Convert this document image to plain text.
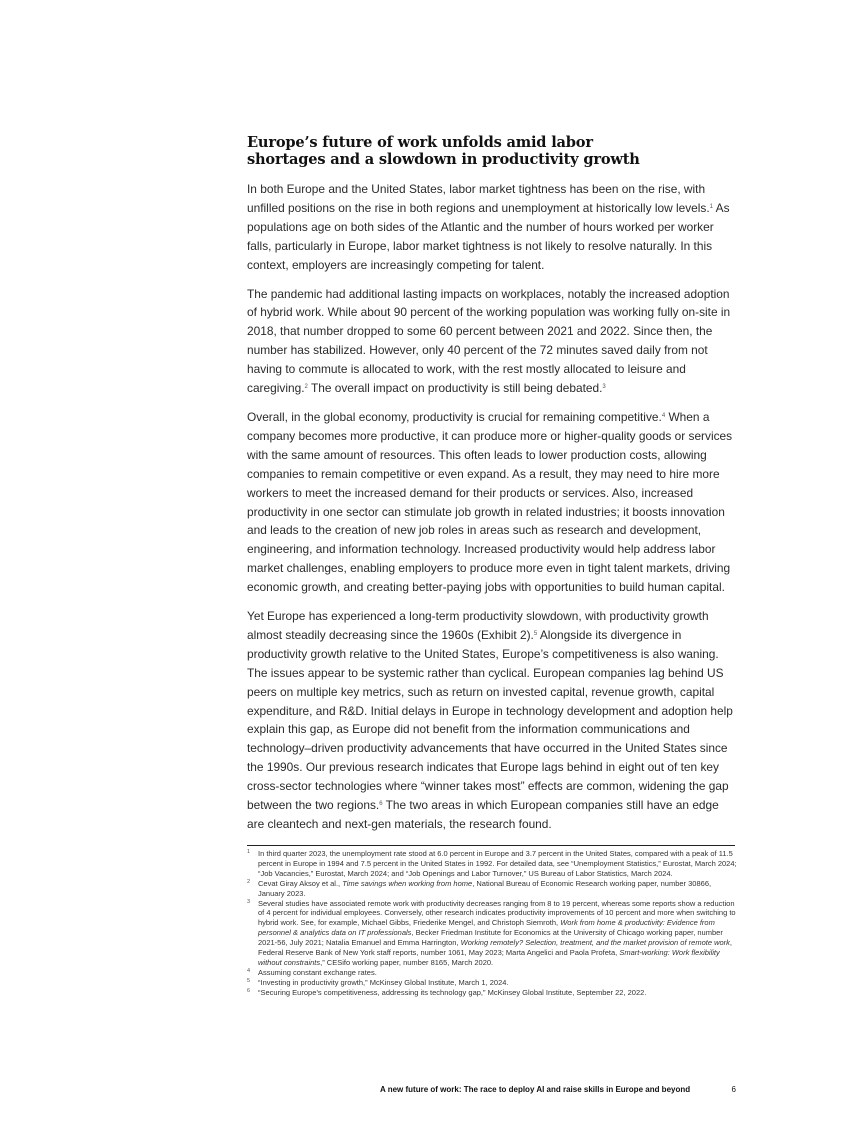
Europe’s future of work unfolds amid labor shortages and a slowdown in productivity growth

In both Europe and the United States, labor market tightness has been on the rise, with unfilled positions on the rise in both regions and unemployment at historically low levels.$^1$ As populations age on both sides of the Atlantic and the number of hours worked per worker falls, particularly in Europe, labor market tightness is not likely to resolve naturally. In this context, employers are increasingly competing for talent.

The pandemic had additional lasting impacts on workplaces, notably the increased adoption of hybrid work. While about 90 percent of the working population was working fully on-site in 2018, that number dropped to some 60 percent between 2021 and 2022. Since then, the number has stabilized. However, only 40 percent of the 72 minutes saved daily from not having to commute is allocated to work, with the rest mostly allocated to leisure and caregiving.$^2$ The overall impact on productivity is still being debated.$^3$

Overall, in the global economy, productivity is crucial for remaining competitive.$^4$ When a company becomes more productive, it can produce more or higher-quality goods or services with the same amount of resources. This often leads to lower production costs, allowing companies to remain competitive or even expand. As a result, they may need to hire more workers to meet the increased demand for their products or services. Also, increased productivity in one sector can stimulate job growth in related industries; it boosts innovation and leads to the creation of new job roles in areas such as research and development, engineering, and information technology. Increased productivity would help address labor market challenges, enabling employers to produce more even in tight talent markets, driving economic growth, and creating better-paying jobs with opportunities to build human capital.

Yet Europe has experienced a long-term productivity slowdown, with productivity growth almost steadily decreasing since the 1960s (Exhibit 2).$^5$ Alongside its divergence in productivity growth relative to the United States, Europe’s competitiveness is also waning. The issues appear to be systemic rather than cyclical. European companies lag behind US peers on multiple key metrics, such as return on invested capital, revenue growth, capital expenditure, and R&D. Initial delays in Europe in technology development and adoption help explain this gap, as Europe did not benefit from the information communications and technology–driven productivity advancements that have occurred in the United States since the 1990s. Our previous research indicates that Europe lags behind in eight out of ten key cross-sector technologies where “winner takes most” effects are common, widening the gap between the two regions.$^6$ The two areas in which European companies still have an edge are cleantech and next-gen materials, the research found.

1 In third quarter 2023, the unemployment rate stood at 6.0 percent in Europe and 3.7 percent in the United States, compared with a peak of 11.5 percent in Europe in 1994 and 7.5 percent in the United States in 1992. For detailed data, see “Unemployment Statistics,” Eurostat, March 2024; “Job Vacancies,” Eurostat, March 2024; and “Job Openings and Labor Turnover,” US Bureau of Labor Statistics, March 2024.
2 Cevat Giray Aksoy et al., Time savings when working from home, National Bureau of Economic Research working paper, number 30866, January 2023.
3 Several studies have associated remote work with productivity decreases ranging from 8 to 19 percent, whereas some reports show a reduction of 4 percent for individual employees. Conversely, other research indicates productivity improvements of 10 percent and more when switching to hybrid work. See, for example, Michael Gibbs, Friederike Mengel, and Christoph Siemroth, Work from home & productivity: Evidence from personnel & analytics data on IT professionals, Becker Friedman Institute for Economics at the University of Chicago working paper, number 2021-56, July 2021; Natalia Emanuel and Emma Harrington, Working remotely? Selection, treatment, and the market provision of remote work, Federal Reserve Bank of New York staff reports, number 1061, May 2023; Marta Angelici and Paola Profeta, Smart-working: Work flexibility without constraints,” CESifo working paper, number 8165, March 2020.
4 Assuming constant exchange rates.
5 “Investing in productivity growth,” McKinsey Global Institute, March 1, 2024.
6 “Securing Europe’s competitiveness, addressing its technology gap,” McKinsey Global Institute, September 22, 2022.
A new future of work: The race to deploy AI and raise skills in Europe and beyond	6
